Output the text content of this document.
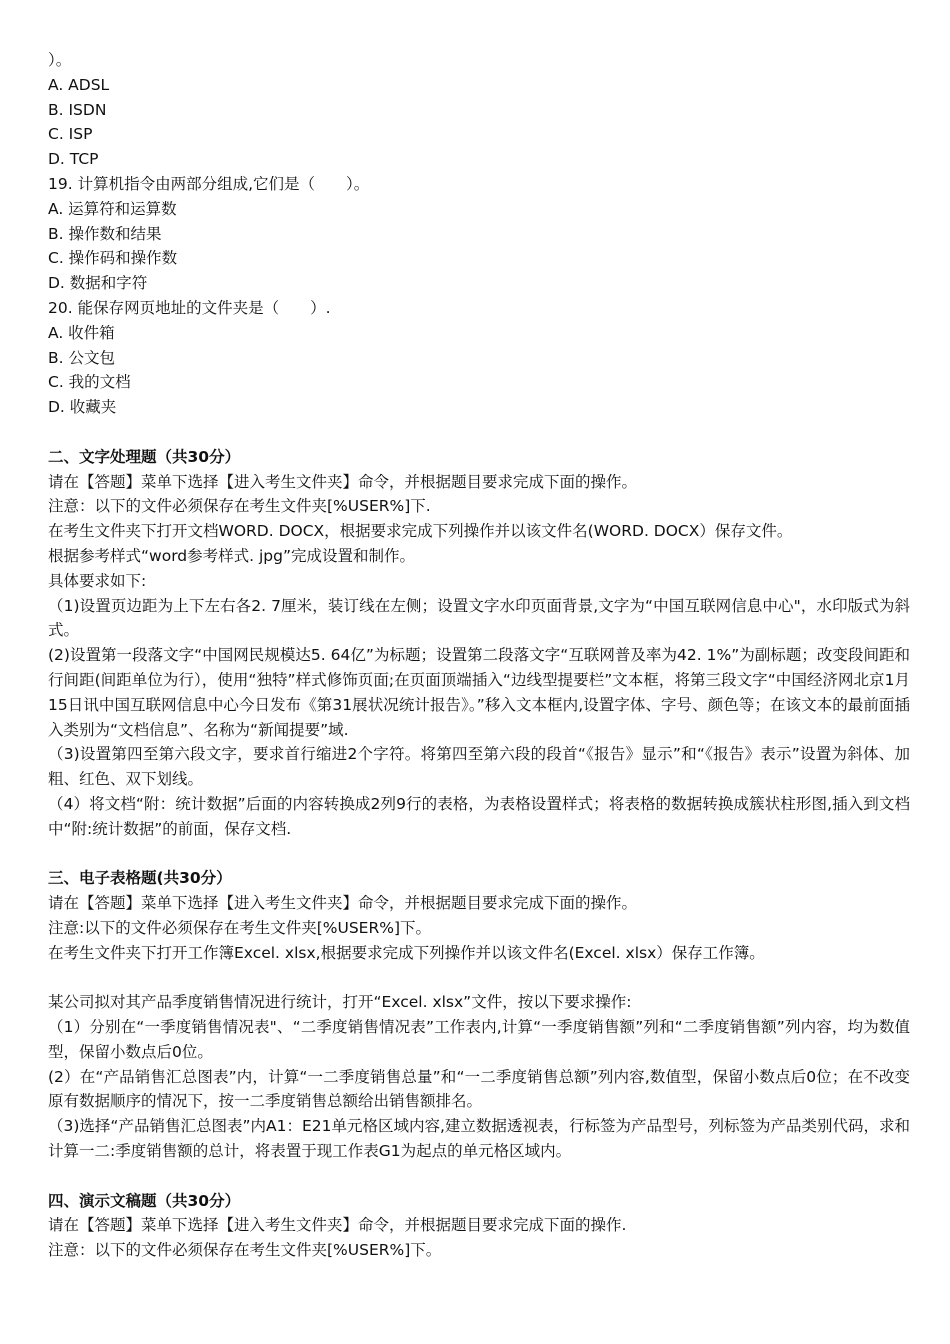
）。
A. ADSL
B. ISDN
C. ISP
D. TCP
19. 计算机指令由两部分组成,它们是（　　）。
A. 运算符和运算数
B. 操作数和结果
C. 操作码和操作数
D. 数据和字符
20. 能保存网页地址的文件夹是（　　）.
A. 收件箱
B. 公文包
C. 我的文档
D. 收藏夹
二、文字处理题（共30分）
请在【答题】菜单下选择【进入考生文件夹】命令，并根据题目要求完成下面的操作。
注意：以下的文件必须保存在考生文件夹[%USER%]下.
在考生文件夹下打开文档WORD. DOCX，根据要求完成下列操作并以该文件名(WORD. DOCX）保存文件。
根据参考样式“word参考样式. jpg”完成设置和制作。
具体要求如下:
（1)设置页边距为上下左右各2. 7厘米，装订线在左侧；设置文字水印页面背景,文字为“中国互联网信息中心"，水印版式为斜式。
(2)设置第一段落文字“中国网民规模达5. 64亿”为标题；设置第二段落文字“互联网普及率为42. 1%”为副标题；改变段间距和行间距(间距单位为行），使用“独特”样式修饰页面;在页面顶端插入“边线型提要栏”文本框，将第三段文字“中国经济网北京1月15日讯中国互联网信息中心今日发布《第31展状况统计报告》。”移入文本框内,设置字体、字号、颜色等；在该文本的最前面插入类别为“文档信息”、名称为“新闻提要”域.
（3)设置第四至第六段文字，要求首行缩进2个字符。将第四至第六段的段首“《报告》显示”和“《报告》表示”设置为斜体、加粗、红色、双下划线。
（4）将文档“附：统计数据”后面的内容转换成2列9行的表格，为表格设置样式；将表格的数据转换成簇状柱形图,插入到文档中“附:统计数据”的前面，保存文档.
三、电子表格题(共30分）
请在【答题】菜单下选择【进入考生文件夹】命令，并根据题目要求完成下面的操作。
注意:以下的文件必须保存在考生文件夹[%USER%]下。
在考生文件夹下打开工作簿Excel. xlsx,根据要求完成下列操作并以该文件名(Excel. xlsx）保存工作簿。
某公司拟对其产品季度销售情况进行统计，打开“Excel. xlsx”文件，按以下要求操作:
（1）分别在“一季度销售情况表"、“二季度销售情况表”工作表内,计算“一季度销售额”列和“二季度销售额”列内容，均为数值型，保留小数点后0位。
(2）在“产品销售汇总图表”内，计算“一二季度销售总量”和“一二季度销售总额”列内容,数值型，保留小数点后0位；在不改变原有数据顺序的情况下，按一二季度销售总额给出销售额排名。
（3)选择“产品销售汇总图表”内A1：E21单元格区域内容,建立数据透视表，行标签为产品型号，列标签为产品类别代码，求和计算一二:季度销售额的总计，将表置于现工作表G1为起点的单元格区域内。
四、演示文稿题（共30分）
请在【答题】菜单下选择【进入考生文件夹】命令，并根据题目要求完成下面的操作.
注意：以下的文件必须保存在考生文件夹[%USER%]下。
